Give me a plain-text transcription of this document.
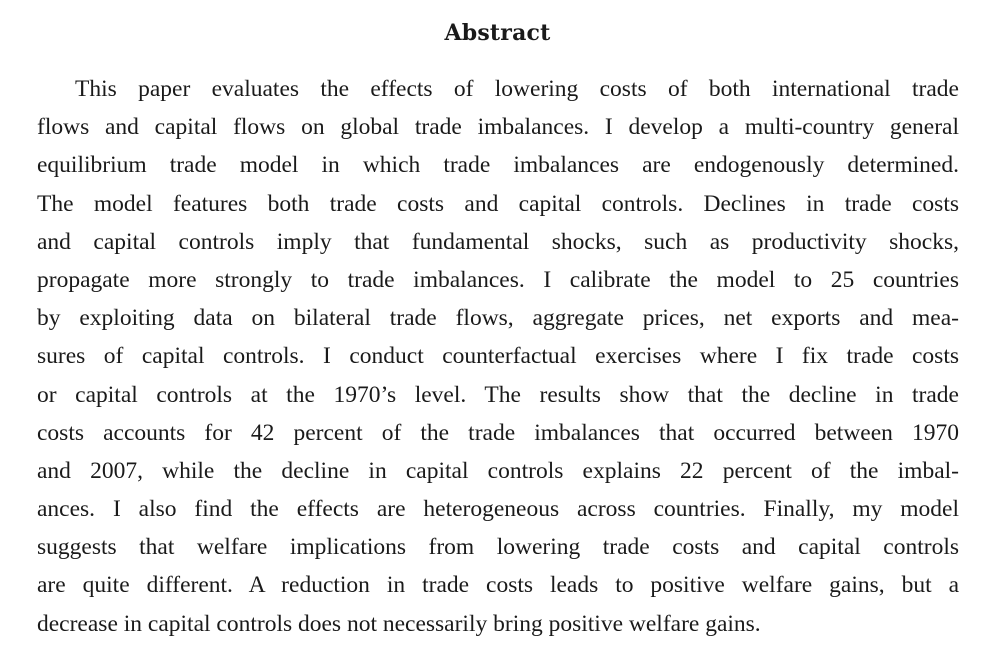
Abstract
This paper evaluates the effects of lowering costs of both international trade
flows and capital flows on global trade imbalances. I develop a multi-country general
equilibrium trade model in which trade imbalances are endogenously determined.
The model features both trade costs and capital controls. Declines in trade costs
and capital controls imply that fundamental shocks, such as productivity shocks,
propagate more strongly to trade imbalances. I calibrate the model to 25 countries
by exploiting data on bilateral trade flows, aggregate prices, net exports and mea-
sures of capital controls. I conduct counterfactual exercises where I fix trade costs
or capital controls at the 1970’s level. The results show that the decline in trade
costs accounts for 42 percent of the trade imbalances that occurred between 1970
and 2007, while the decline in capital controls explains 22 percent of the imbal-
ances. I also find the effects are heterogeneous across countries. Finally, my model
suggests that welfare implications from lowering trade costs and capital controls
are quite different. A reduction in trade costs leads to positive welfare gains, but a
decrease in capital controls does not necessarily bring positive welfare gains.
